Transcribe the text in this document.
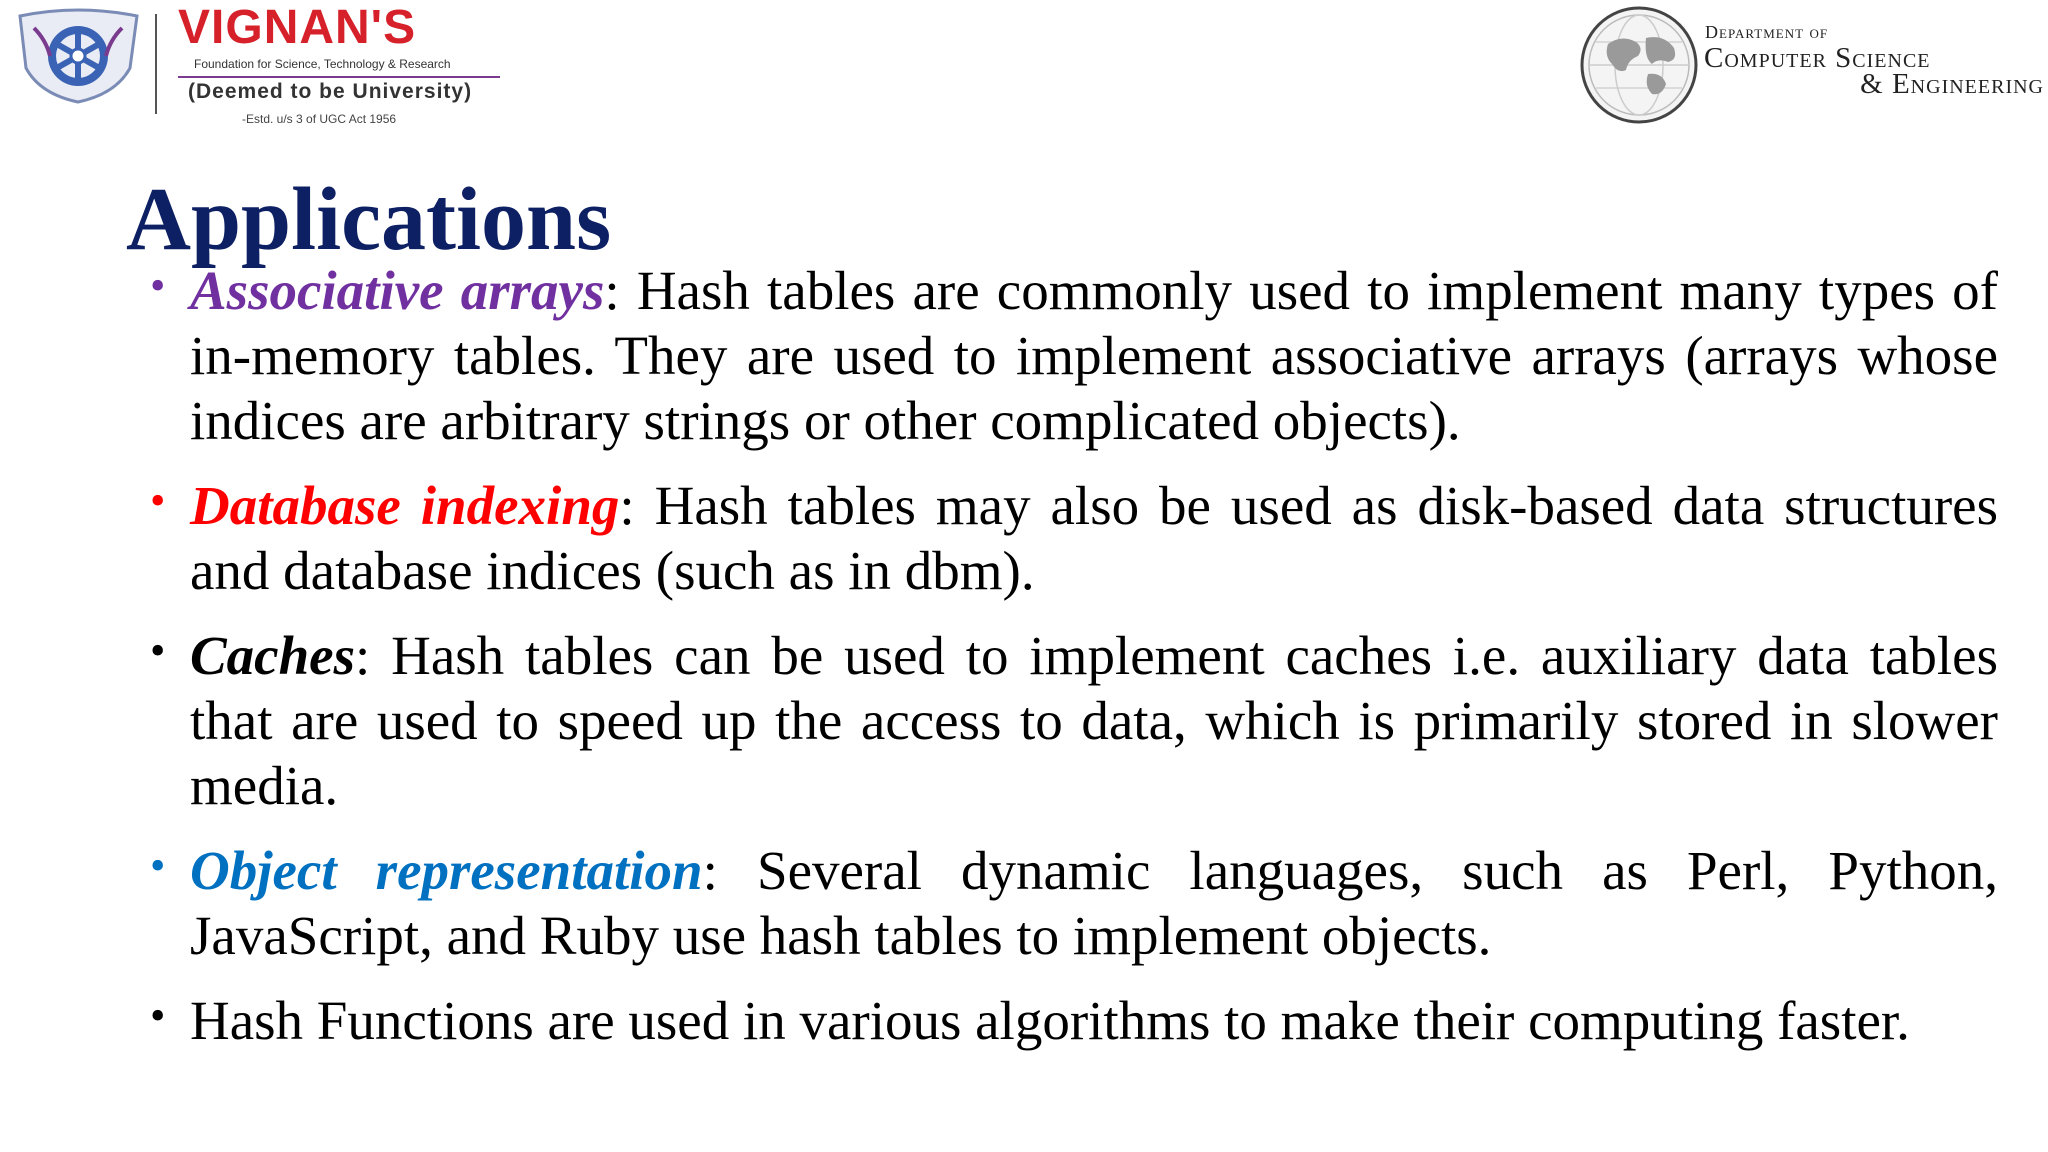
VIGNAN'S
Foundation for Science, Technology & Research
(Deemed to be University)
-Estd. u/s 3 of UGC Act 1956
Department of
Computer Science
& Engineering
Applications
• Associative arrays: Hash tables are commonly used to implement many types of in-memory tables. They are used to implement associative arrays (arrays whose indices are arbitrary strings or other complicated objects).
• Database indexing: Hash tables may also be used as disk-based data structures and database indices (such as in dbm).
• Caches: Hash tables can be used to implement caches i.e. auxiliary data tables that are used to speed up the access to data, which is primarily stored in slower media.
• Object representation: Several dynamic languages, such as Perl, Python, JavaScript, and Ruby use hash tables to implement objects.
• Hash Functions are used in various algorithms to make their computing faster.
